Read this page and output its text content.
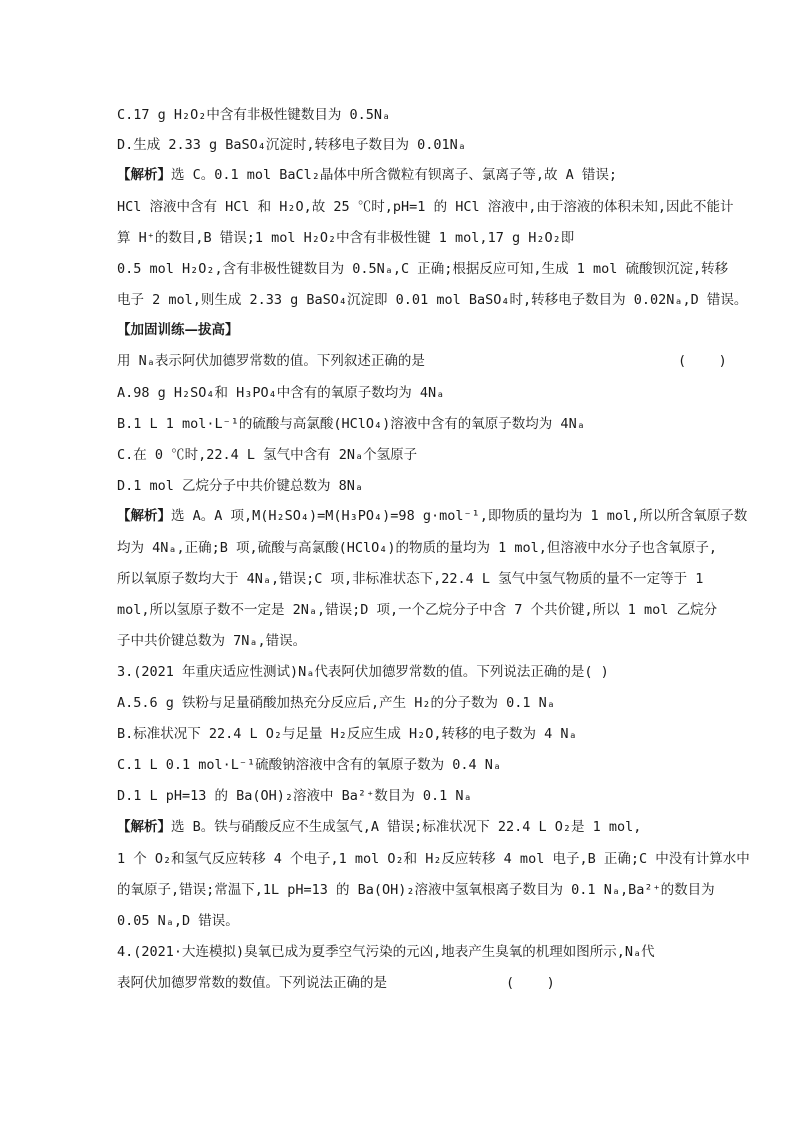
C.17 g H₂O₂中含有非极性键数目为 0.5Nₐ
D.生成 2.33 g BaSO₄沉淀时,转移电子数目为 0.01Nₐ
【解析】选 C。0.1 mol BaCl₂晶体中所含微粒有钡离子、氯离子等,故 A 错误;
HCl 溶液中含有 HCl 和 H₂O,故 25 ℃时,pH=1 的 HCl 溶液中,由于溶液的体积未知,因此不能计
算 H⁺的数目,B 错误;1 mol H₂O₂中含有非极性键 1 mol,17 g H₂O₂即
0.5 mol H₂O₂,含有非极性键数目为 0.5Nₐ,C 正确;根据反应可知,生成 1 mol 硫酸钡沉淀,转移
电子 2 mol,则生成 2.33 g BaSO₄沉淀即 0.01 mol BaSO₄时,转移电子数目为 0.02Nₐ,D 错误。
【加固训练—拔高】
用 Nₐ表示阿伏加德罗常数的值。下列叙述正确的是	(    )
A.98 g H₂SO₄和 H₃PO₄中含有的氧原子数均为 4Nₐ
B.1 L 1 mol·L⁻¹的硫酸与高氯酸(HClO₄)溶液中含有的氧原子数均为 4Nₐ
C.在 0 ℃时,22.4 L 氢气中含有 2Nₐ个氢原子
D.1 mol 乙烷分子中共价键总数为 8Nₐ
【解析】选 A。A 项,M(H₂SO₄)=M(H₃PO₄)=98 g·mol⁻¹,即物质的量均为 1 mol,所以所含氧原子数
均为 4Nₐ,正确;B 项,硫酸与高氯酸(HClO₄)的物质的量均为 1 mol,但溶液中水分子也含氧原子,
所以氧原子数均大于 4Nₐ,错误;C 项,非标准状态下,22.4 L 氢气中氢气物质的量不一定等于 1
mol,所以氢原子数不一定是 2Nₐ,错误;D 项,一个乙烷分子中含 7 个共价键,所以 1 mol 乙烷分
子中共价键总数为 7Nₐ,错误。
3.(2021 年重庆适应性测试)Nₐ代表阿伏加德罗常数的值。下列说法正确的是( )
A.5.6 g 铁粉与足量硝酸加热充分反应后,产生 H₂的分子数为 0.1 Nₐ
B.标准状况下 22.4 L O₂与足量 H₂反应生成 H₂O,转移的电子数为 4 Nₐ
C.1 L 0.1 mol·L⁻¹硫酸钠溶液中含有的氧原子数为 0.4 Nₐ
D.1 L pH=13 的 Ba(OH)₂溶液中 Ba²⁺数目为 0.1 Nₐ
【解析】选 B。铁与硝酸反应不生成氢气,A 错误;标准状况下 22.4 L O₂是 1 mol,
1 个 O₂和氢气反应转移 4 个电子,1 mol O₂和 H₂反应转移 4 mol 电子,B 正确;C 中没有计算水中
的氧原子,错误;常温下,1L pH=13 的 Ba(OH)₂溶液中氢氧根离子数目为 0.1 Nₐ,Ba²⁺的数目为
0.05 Nₐ,D 错误。
4.(2021·大连模拟)臭氧已成为夏季空气污染的元凶,地表产生臭氧的机理如图所示,Nₐ代
表阿伏加德罗常数的数值。下列说法正确的是	(    )
